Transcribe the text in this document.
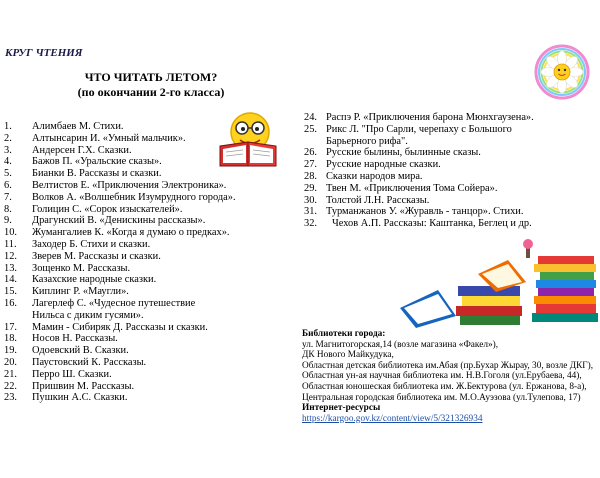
КРУГ ЧТЕНИЯ
ЧТО ЧИТАТЬ ЛЕТОМ?
(по окончании 2-го класса)
1.	Алимбаев М. Стихи.
2.	Алтынсарин И. «Умный мальчик».
3.	Андерсен Г.Х. Сказки.
4.	Бажов П. «Уральские сказы».
5.	Бианки В. Рассказы и сказки.
6.	Велтистов Е. «Приключения Электроника».
7.	Волков А. «Волшебник Изумрудного города».
8.	Голицин С. «Сорок изыскателей».
9.	Драгунский В. «Денискины рассказы».
10.	Жумангалиев К. «Когда я думаю о предках».
11.	Заходер Б. Стихи и сказки.
12.	Зверев М. Рассказы и сказки.
13.	Зощенко М. Рассказы.
14.	Казахские народные сказки.
15.	Киплинг Р. «Маугли».
16.	Лагерлеф С. «Чудесное путешествие Нильса с диким гусями».
17.	Мамин - Сибиряк Д. Рассказы и сказки.
18.	Носов Н. Рассказы.
19.	Одоевский В. Сказки.
20.	Паустовский К. Рассказы.
21.	Перро Ш. Сказки.
22.	Пришвин М. Рассказы.
23.	Пушкин А.С. Сказки.
24. Распэ Р. «Приключения барона Мюнхгаузена».
25. Рикс Л. "Про Сарли, черепаху с Большого Барьерного рифа".
26. Русские былины, былинные сказы.
27. Русские народные сказки.
28. Сказки народов мира.
29. Твен М. «Приключения Тома Сойера».
30. Толстой Л.Н. Рассказы.
31. Турманжанов У. «Журавль - танцор». Стихи.
32.	Чехов А.П. Рассказы: Каштанка, Беглец и др.
Библиотеки города:
ул. Магнитогорская,14 (возле магазина «Факел»),
ДК Нового Майкудука,
Областная детская библиотека им.Абая (пр.Бухар Жырау, 30, возле ДКГ),
Областная ун-ая научная библиотека им. Н.В.Гоголя (ул.Ерубаева, 44),
Областная юношеская библиотека им. Ж.Бектурова (ул. Ержанова, 8-а),
Центральная городская библиотека им. М.О.Ауэзова (ул.Тулепова, 17)
Интернет-ресурсы
https://kargoo.gov.kz/content/view/5/321326934
